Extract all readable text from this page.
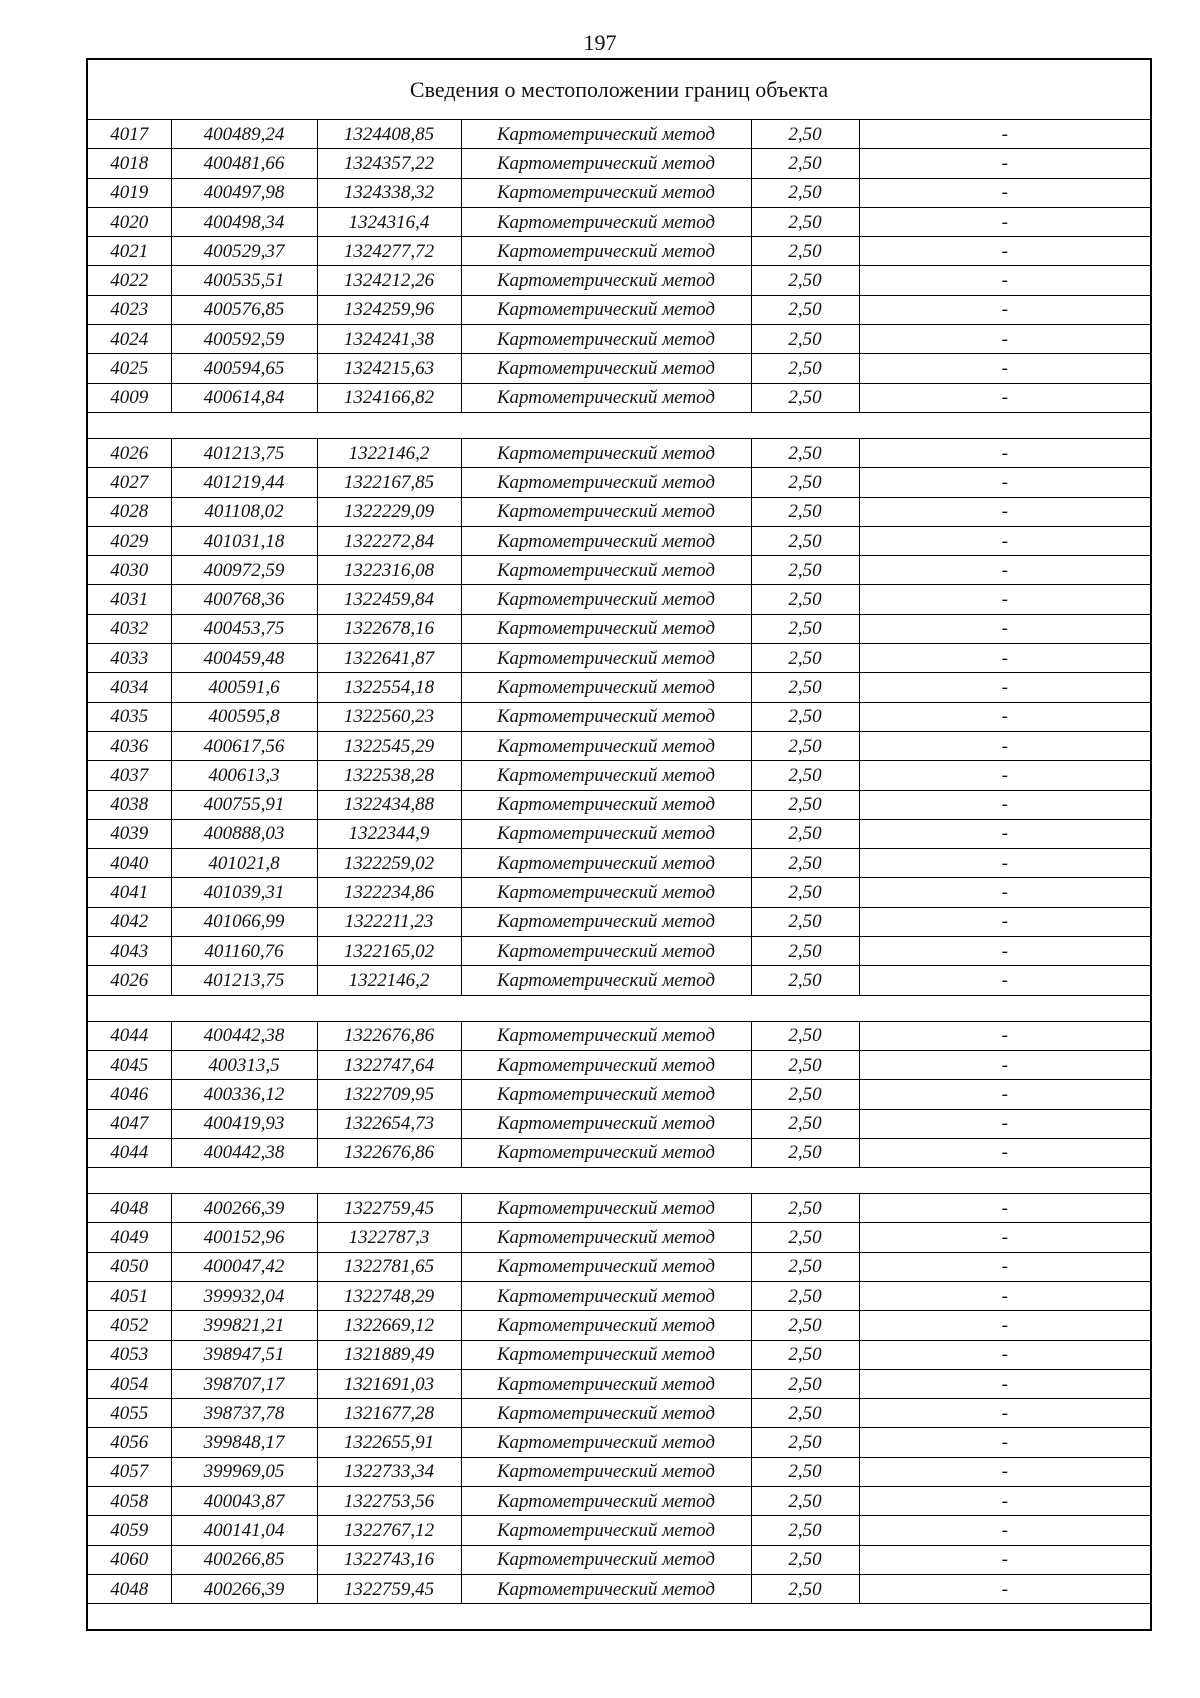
197
Сведения о местоположении границ объекта					
4017	400489,24	1324408,85	Картометрический метод	2,50	-
4018	400481,66	1324357,22	Картометрический метод	2,50	-
4019	400497,98	1324338,32	Картометрический метод	2,50	-
4020	400498,34	1324316,4	Картометрический метод	2,50	-
4021	400529,37	1324277,72	Картометрический метод	2,50	-
4022	400535,51	1324212,26	Картометрический метод	2,50	-
4023	400576,85	1324259,96	Картометрический метод	2,50	-
4024	400592,59	1324241,38	Картометрический метод	2,50	-
4025	400594,65	1324215,63	Картометрический метод	2,50	-
4009	400614,84	1324166,82	Картометрический метод	2,50	-

4026	401213,75	1322146,2	Картометрический метод	2,50	-
4027	401219,44	1322167,85	Картометрический метод	2,50	-
4028	401108,02	1322229,09	Картометрический метод	2,50	-
4029	401031,18	1322272,84	Картометрический метод	2,50	-
4030	400972,59	1322316,08	Картометрический метод	2,50	-
4031	400768,36	1322459,84	Картометрический метод	2,50	-
4032	400453,75	1322678,16	Картометрический метод	2,50	-
4033	400459,48	1322641,87	Картометрический метод	2,50	-
4034	400591,6	1322554,18	Картометрический метод	2,50	-
4035	400595,8	1322560,23	Картометрический метод	2,50	-
4036	400617,56	1322545,29	Картометрический метод	2,50	-
4037	400613,3	1322538,28	Картометрический метод	2,50	-
4038	400755,91	1322434,88	Картометрический метод	2,50	-
4039	400888,03	1322344,9	Картометрический метод	2,50	-
4040	401021,8	1322259,02	Картометрический метод	2,50	-
4041	401039,31	1322234,86	Картометрический метод	2,50	-
4042	401066,99	1322211,23	Картометрический метод	2,50	-
4043	401160,76	1322165,02	Картометрический метод	2,50	-
4026	401213,75	1322146,2	Картометрический метод	2,50	-

4044	400442,38	1322676,86	Картометрический метод	2,50	-
4045	400313,5	1322747,64	Картометрический метод	2,50	-
4046	400336,12	1322709,95	Картометрический метод	2,50	-
4047	400419,93	1322654,73	Картометрический метод	2,50	-
4044	400442,38	1322676,86	Картометрический метод	2,50	-

4048	400266,39	1322759,45	Картометрический метод	2,50	-
4049	400152,96	1322787,3	Картометрический метод	2,50	-
4050	400047,42	1322781,65	Картометрический метод	2,50	-
4051	399932,04	1322748,29	Картометрический метод	2,50	-
4052	399821,21	1322669,12	Картометрический метод	2,50	-
4053	398947,51	1321889,49	Картометрический метод	2,50	-
4054	398707,17	1321691,03	Картометрический метод	2,50	-
4055	398737,78	1321677,28	Картометрический метод	2,50	-
4056	399848,17	1322655,91	Картометрический метод	2,50	-
4057	399969,05	1322733,34	Картометрический метод	2,50	-
4058	400043,87	1322753,56	Картометрический метод	2,50	-
4059	400141,04	1322767,12	Картометрический метод	2,50	-
4060	400266,85	1322743,16	Картометрический метод	2,50	-
4048	400266,39	1322759,45	Картометрический метод	2,50	-
